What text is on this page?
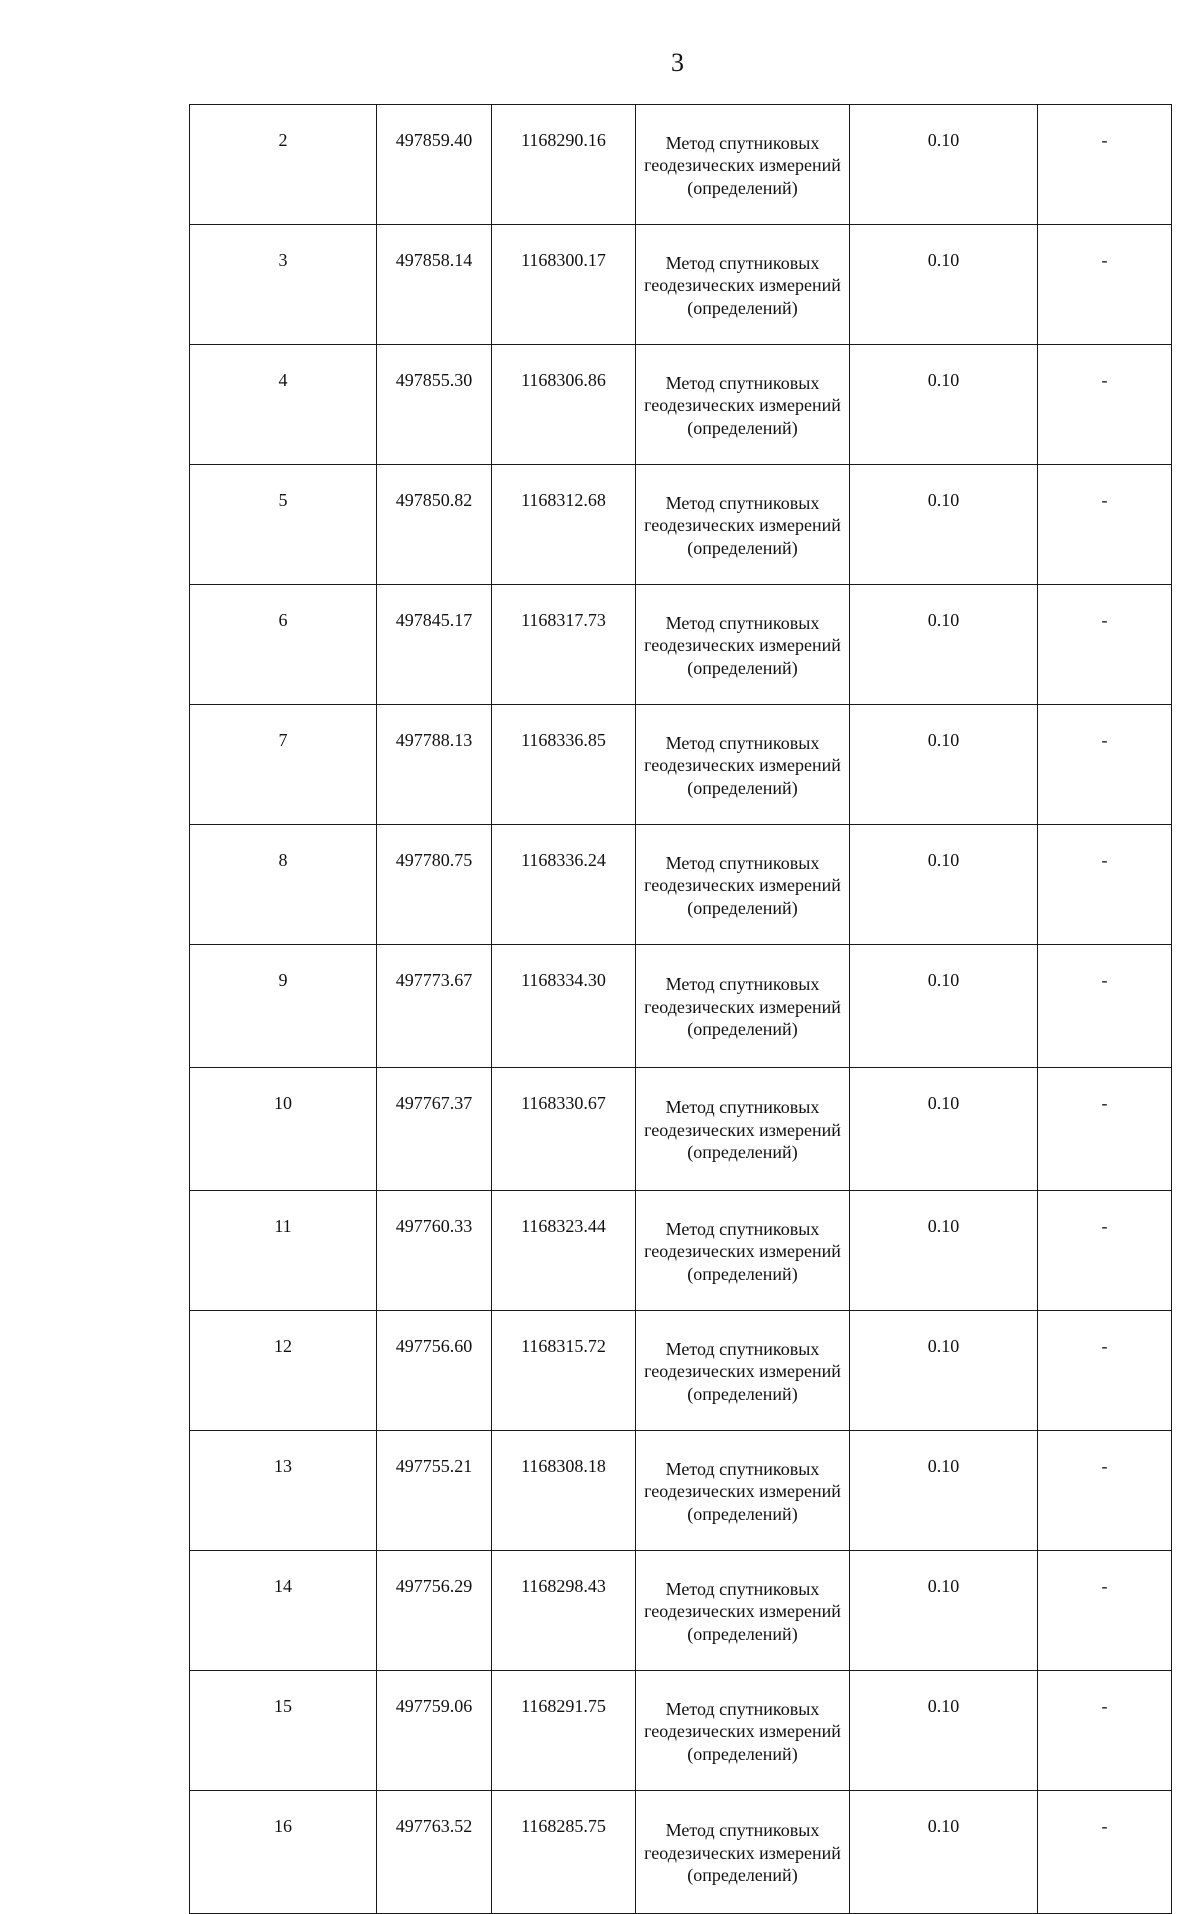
3
2	497859.40	1168290.16	Метод спутниковых геодезических измерений (определений)	0.10	-
3	497858.14	1168300.17	Метод спутниковых геодезических измерений (определений)	0.10	-
4	497855.30	1168306.86	Метод спутниковых геодезических измерений (определений)	0.10	-
5	497850.82	1168312.68	Метод спутниковых геодезических измерений (определений)	0.10	-
6	497845.17	1168317.73	Метод спутниковых геодезических измерений (определений)	0.10	-
7	497788.13	1168336.85	Метод спутниковых геодезических измерений (определений)	0.10	-
8	497780.75	1168336.24	Метод спутниковых геодезических измерений (определений)	0.10	-
9	497773.67	1168334.30	Метод спутниковых геодезических измерений (определений)	0.10	-
10	497767.37	1168330.67	Метод спутниковых геодезических измерений (определений)	0.10	-
11	497760.33	1168323.44	Метод спутниковых геодезических измерений (определений)	0.10	-
12	497756.60	1168315.72	Метод спутниковых геодезических измерений (определений)	0.10	-
13	497755.21	1168308.18	Метод спутниковых геодезических измерений (определений)	0.10	-
14	497756.29	1168298.43	Метод спутниковых геодезических измерений (определений)	0.10	-
15	497759.06	1168291.75	Метод спутниковых геодезических измерений (определений)	0.10	-
16	497763.52	1168285.75	Метод спутниковых геодезических измерений (определений)	0.10	-
